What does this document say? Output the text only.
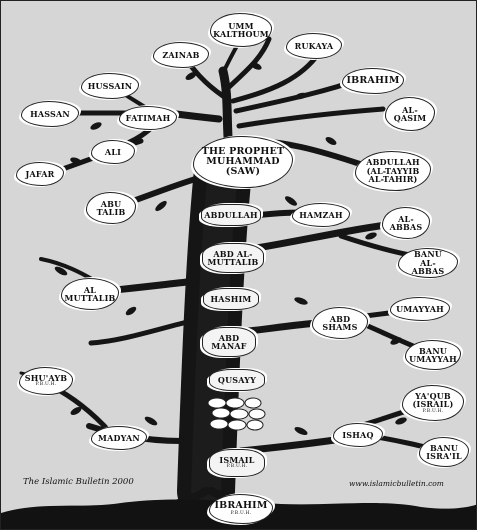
UMM
KALTHOUM
ZAINAB
RUKAYA
HUSSAIN	IBRAHIM
HASSAN	FATIMAH
AL-
QASIM
ALI	THE PROPHET
MUHAMMAD
(SAW)
ABDULLAH
(AL-TAYYIB
AL-TAHIR)
JAFAR
ABU
TALIB	ABDULLAH	HAMZAH	AL-
ABBAS
ABD AL-
MUTTALIB
BANU
AL-ABBAS
HASHIM
AL
MUTTALIB
UMAYYAH
ABD
SHAMS
ABD
MANAF	BANU
UMAYYAH
QUSAYY
SHU'AYB
P.B.U.H.
YA'QUB
(ISRAIL)
P.B.U.H.
MADYAN	ISHAQ
BANU
ISRA'IL
ISMAIL
P.B.U.H.
IBRAHIM
P.B.U.H.
The Islamic Bulletin 2000	www.islamicbulletin.com
